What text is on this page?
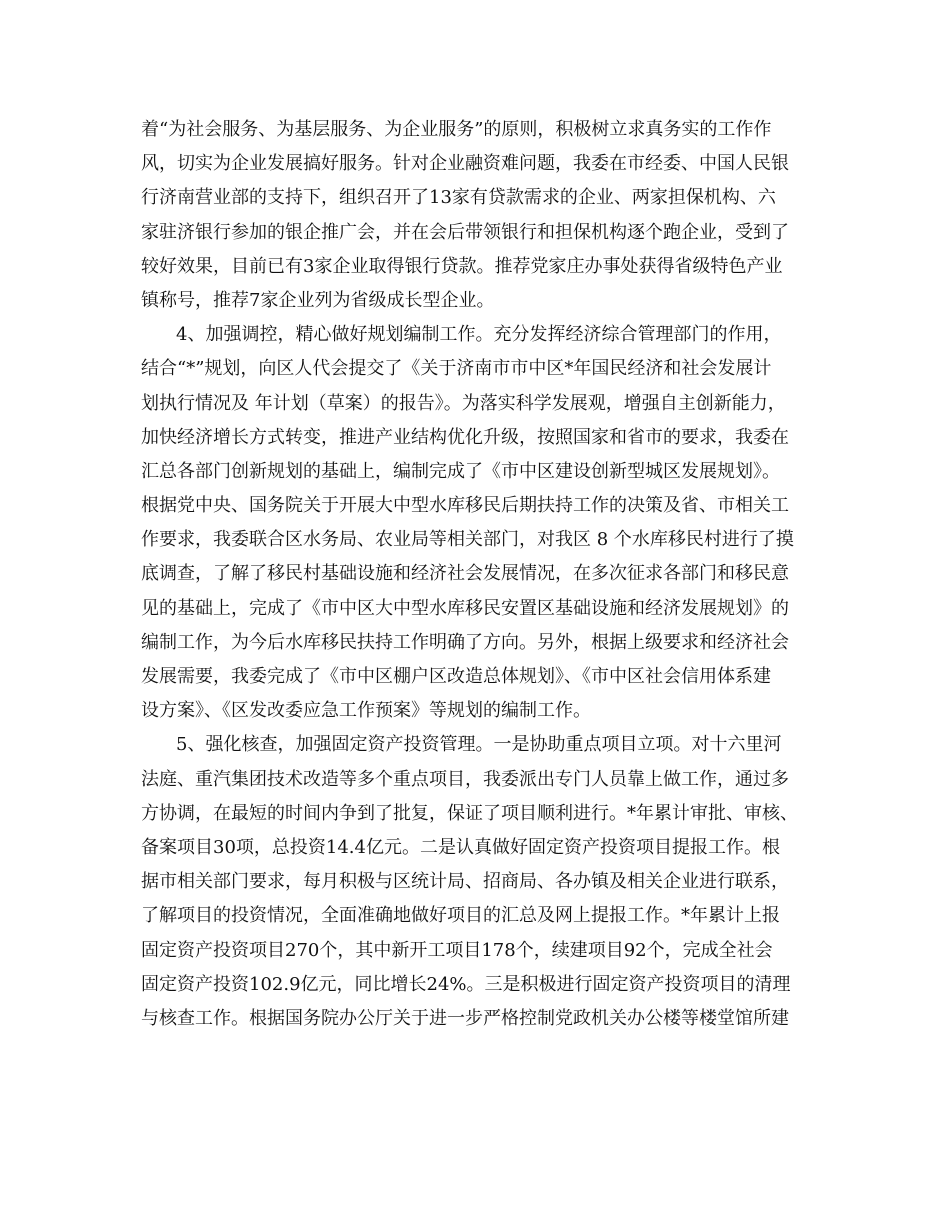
着“为社会服务、为基层服务、为企业服务”的原则，积极树立求真务实的工作作
风，切实为企业发展搞好服务。针对企业融资难问题，我委在市经委、中国人民银
行济南营业部的支持下，组织召开了13家有贷款需求的企业、两家担保机构、六
家驻济银行参加的银企推广会，并在会后带领银行和担保机构逐个跑企业，受到了
较好效果，目前已有3家企业取得银行贷款。推荐党家庄办事处获得省级特色产业
镇称号，推荐7家企业列为省级成长型企业。
4、加强调控，精心做好规划编制工作。充分发挥经济综合管理部门的作用，
结合“*”规划，向区人代会提交了《关于济南市市中区*年国民经济和社会发展计
划执行情况及 年计划（草案）的报告》。为落实科学发展观，增强自主创新能力，
加快经济增长方式转变，推进产业结构优化升级，按照国家和省市的要求，我委在
汇总各部门创新规划的基础上，编制完成了《市中区建设创新型城区发展规划》。
根据党中央、国务院关于开展大中型水库移民后期扶持工作的决策及省、市相关工
作要求，我委联合区水务局、农业局等相关部门，对我区 8 个水库移民村进行了摸
底调查，了解了移民村基础设施和经济社会发展情况，在多次征求各部门和移民意
见的基础上，完成了《市中区大中型水库移民安置区基础设施和经济发展规划》的
编制工作，为今后水库移民扶持工作明确了方向。另外，根据上级要求和经济社会
发展需要，我委完成了《市中区棚户区改造总体规划》、《市中区社会信用体系建
设方案》、《区发改委应急工作预案》等规划的编制工作。
5、强化核查，加强固定资产投资管理。一是协助重点项目立项。对十六里河
法庭、重汽集团技术改造等多个重点项目，我委派出专门人员靠上做工作，通过多
方协调，在最短的时间内争到了批复，保证了项目顺利进行。*年累计审批、审核、
备案项目30项，总投资14.4亿元。二是认真做好固定资产投资项目提报工作。根
据市相关部门要求，每月积极与区统计局、招商局、各办镇及相关企业进行联系，
了解项目的投资情况，全面准确地做好项目的汇总及网上提报工作。*年累计上报
固定资产投资项目270个，其中新开工项目178个，续建项目92个，完成全社会
固定资产投资102.9亿元，同比增长24%。三是积极进行固定资产投资项目的清理
与核查工作。根据国务院办公厅关于进一步严格控制党政机关办公楼等楼堂馆所建
